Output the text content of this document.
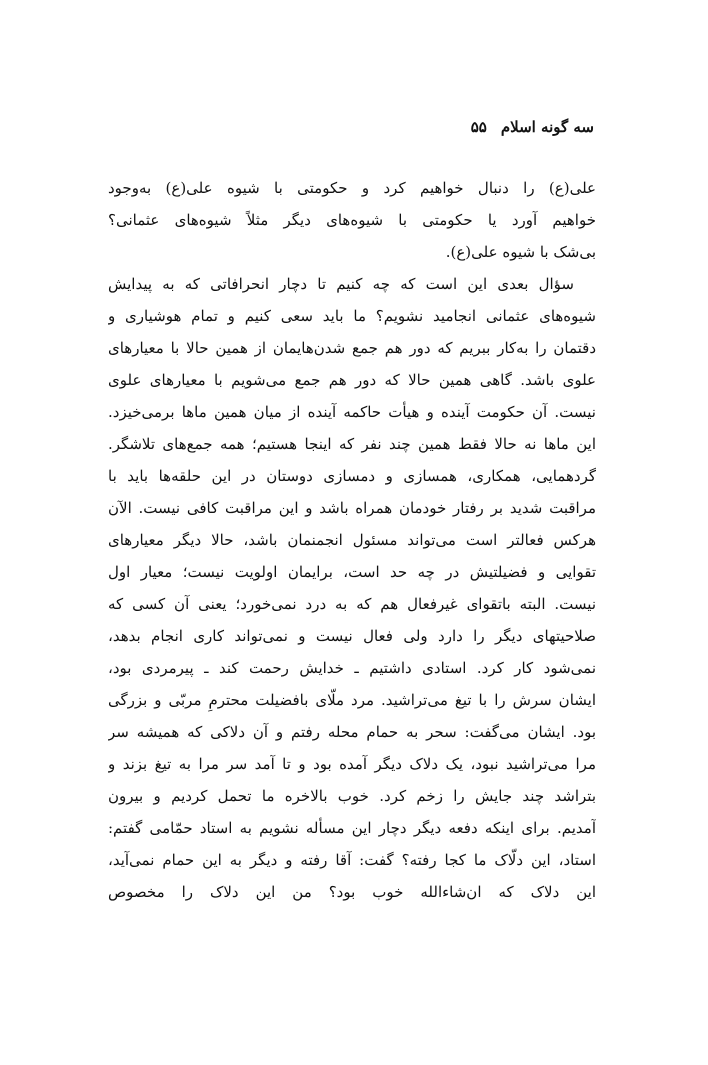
سه گونه اسلام۵۵
علی(ع) را دنبال خواهیم کرد و حکومتی با شیوه علی(ع) بەوجود
خواهیم آورد یا حکومتی با شیوه‌های دیگر مثلاً شیوه‌های عثمانی؟
بی‌شک با شیوه علی(ع).
سؤال بعدی این است که چه کنیم تا دچار انحرافاتی که به پیدایش
شیوه‌های عثمانی انجامید نشویم؟ ما باید سعی کنیم و تمام هوشیاری و
دقتمان را به‌کار ببریم که دور هم جمع شدن‌هایمان از همین حالا با معیارهای
علوی باشد. گاهی همین حالا که دور هم جمع می‌شویم با معیارهای علوی
نیست. آن حکومت آینده و هیأت حاکمه آینده از میان همین ماها برمی‌خیزد.
این ماها نه حالا فقط همین چند نفر که اینجا هستیم؛ همه جمع‌های تلاشگر.
گردهمایی، همکاری، همسازی و دمسازی دوستان در این حلقه‌ها باید با
مراقبت شدید بر رفتار خودمان همراه باشد و این مراقبت کافی نیست. الآن
هرکس فعالتر است می‌تواند مسئول انجمنمان باشد، حالا دیگر معیارهای
تقوایی و فضیلتیش در چه حد است، برایمان اولویت نیست؛ معیار اول
نیست. البته باتقوای غیرفعال هم که به درد نمی‌خورد؛ یعنی آن کسی که
صلاحیتهای دیگر را دارد ولی فعال نیست و نمی‌تواند کاری انجام بدهد،
نمی‌شود کار کرد. استادی داشتیم ـ خدایش رحمت کند ـ پیرمردی بود،
ایشان سرش را با تیغ می‌تراشید. مرد ملّای بافضیلت محترمِ مربّی و بزرگی
بود. ایشان می‌گفت: سحر به حمام محله رفتم و آن دلاکی که همیشه سر
مرا می‌تراشید نبود، یک دلاک دیگر آمده بود و تا آمد سر مرا به تیغ بزند و
بتراشد چند جایش را زخم کرد. خوب بالاخره ما تحمل کردیم و بیرون
آمدیم. برای اینکه دفعه دیگر دچار این مسأله نشویم به استاد حمّامی گفتم:
استاد، این دلّاک ما کجا رفته؟ گفت: آقا رفته و دیگر به این حمام نمی‌آید،
این دلاک که ان‌شاءالله خوب بود؟ من این دلاک را مخصوص
